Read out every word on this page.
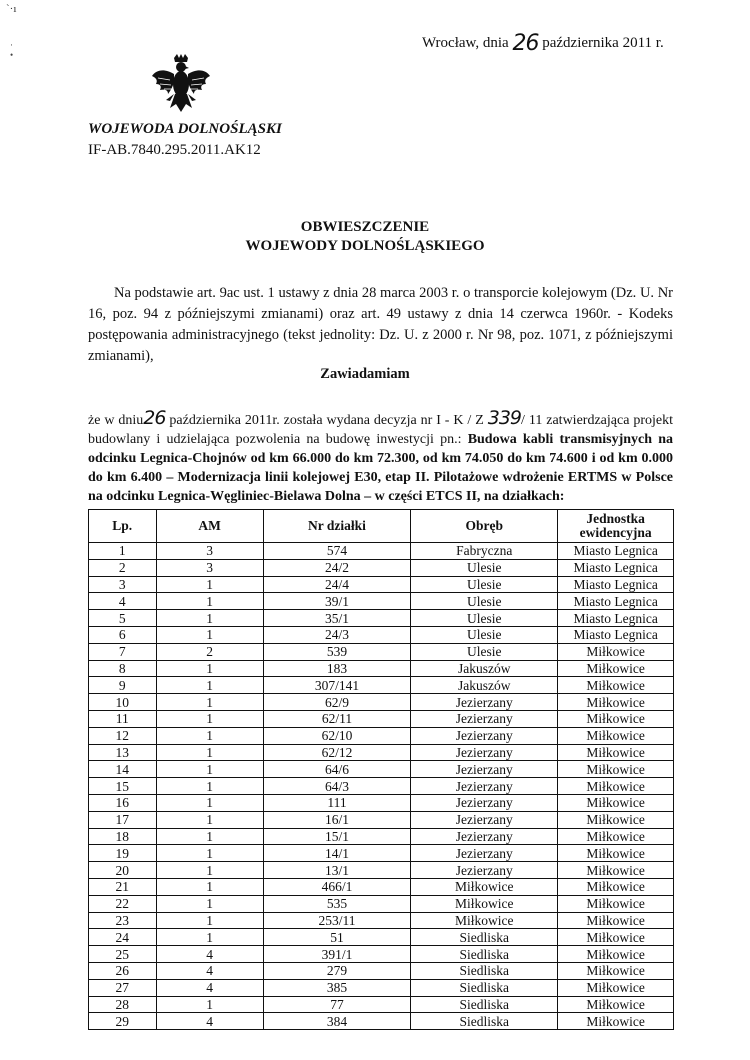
`·ı
·
•
Wrocław, dnia 26 października 2011 r.
WOJEWODA DOLNOŚLĄSKI
IF-AB.7840.295.2011.AK12
OBWIESZCZENIE
WOJEWODY DOLNOŚLĄSKIEGO
Na podstawie art. 9ac ust. 1 ustawy z dnia 28 marca 2003 r. o transporcie kolejowym (Dz. U. Nr 16, poz. 94 z późniejszymi zmianami) oraz art. 49 ustawy z dnia 14 czerwca 1960r. - Kodeks postępowania administracyjnego (tekst jednolity: Dz. U. z 2000 r. Nr 98, poz. 1071, z późniejszymi zmianami),
Zawiadamiam
że w dniu26 października 2011r. została wydana decyzja nr I - K / Z 339/ 11 zatwierdzająca projekt budowlany i udzielająca pozwolenia na budowę inwestycji pn.: Budowa kabli transmisyjnych na odcinku Legnica-Chojnów od km 66.000 do km 72.300, od km 74.050 do km 74.600 i od km 0.000 do km 6.400 – Modernizacja linii kolejowej E30, etap II. Pilotażowe wdrożenie ERTMS w Polsce na odcinku Legnica-Węgliniec-Bielawa Dolna – w części ETCS II, na działkach:
Lp.	AM	Nr działki	Obręb	Jednostka ewidencyjna
1	3	574	Fabryczna	Miasto Legnica
2	3	24/2	Ulesie	Miasto Legnica
3	1	24/4	Ulesie	Miasto Legnica
4	1	39/1	Ulesie	Miasto Legnica
5	1	35/1	Ulesie	Miasto Legnica
6	1	24/3	Ulesie	Miasto Legnica
7	2	539	Ulesie	Miłkowice
8	1	183	Jakuszów	Miłkowice
9	1	307/141	Jakuszów	Miłkowice
10	1	62/9	Jezierzany	Miłkowice
11	1	62/11	Jezierzany	Miłkowice
12	1	62/10	Jezierzany	Miłkowice
13	1	62/12	Jezierzany	Miłkowice
14	1	64/6	Jezierzany	Miłkowice
15	1	64/3	Jezierzany	Miłkowice
16	1	111	Jezierzany	Miłkowice
17	1	16/1	Jezierzany	Miłkowice
18	1	15/1	Jezierzany	Miłkowice
19	1	14/1	Jezierzany	Miłkowice
20	1	13/1	Jezierzany	Miłkowice
21	1	466/1	Miłkowice	Miłkowice
22	1	535	Miłkowice	Miłkowice
23	1	253/11	Miłkowice	Miłkowice
24	1	51	Siedliska	Miłkowice
25	4	391/1	Siedliska	Miłkowice
26	4	279	Siedliska	Miłkowice
27	4	385	Siedliska	Miłkowice
28	1	77	Siedliska	Miłkowice
29	4	384	Siedliska	Miłkowice
